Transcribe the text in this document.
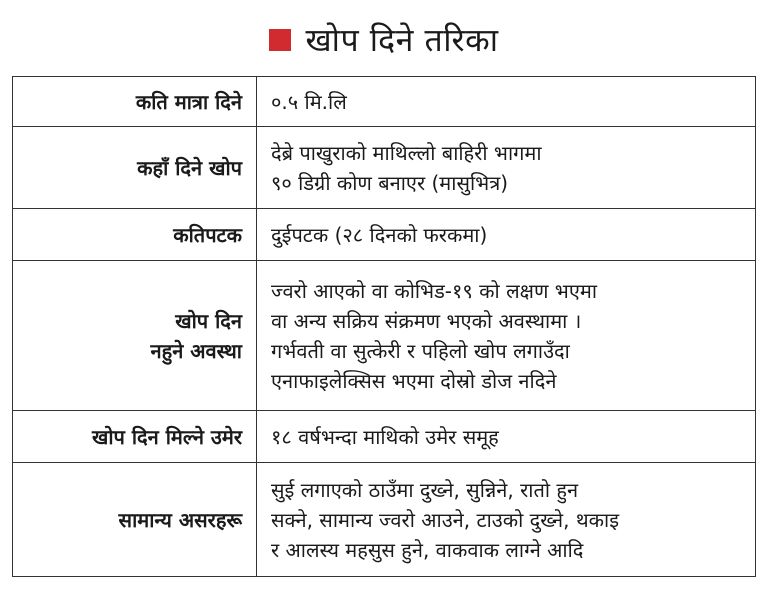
खोप दिने तरिका
कति मात्रा दिने	०.५ मि.लि

कहाँ दिने खोप	देब्रे पाखुराको माथिल्लो बाहिरी भागमा
९० डिग्री कोण बनाएर (मासुभित्र)

कतिपटक	दुईपटक (२८ दिनको फरकमा)

खोप दिन
नहुने अवस्था	ज्वरो आएको वा कोभिड-१९ को लक्षण भएमा
वा अन्य सक्रिय संक्रमण भएको अवस्थामा ।
गर्भवती वा सुत्केरी र पहिलो खोप लगाउँदा
एनाफाइलेक्सिस भएमा दोस्रो डोज नदिने

खोप दिन मिल्ने उमेर	१८ वर्षभन्दा माथिको उमेर समूह

सामान्य असरहरू	सुई लगाएको ठाउँमा दुख्ने, सुन्निने, रातो हुन
सक्ने, सामान्य ज्वरो आउने, टाउको दुख्ने, थकाइ
र आलस्य महसुस हुने, वाकवाक लाग्ने आदि
